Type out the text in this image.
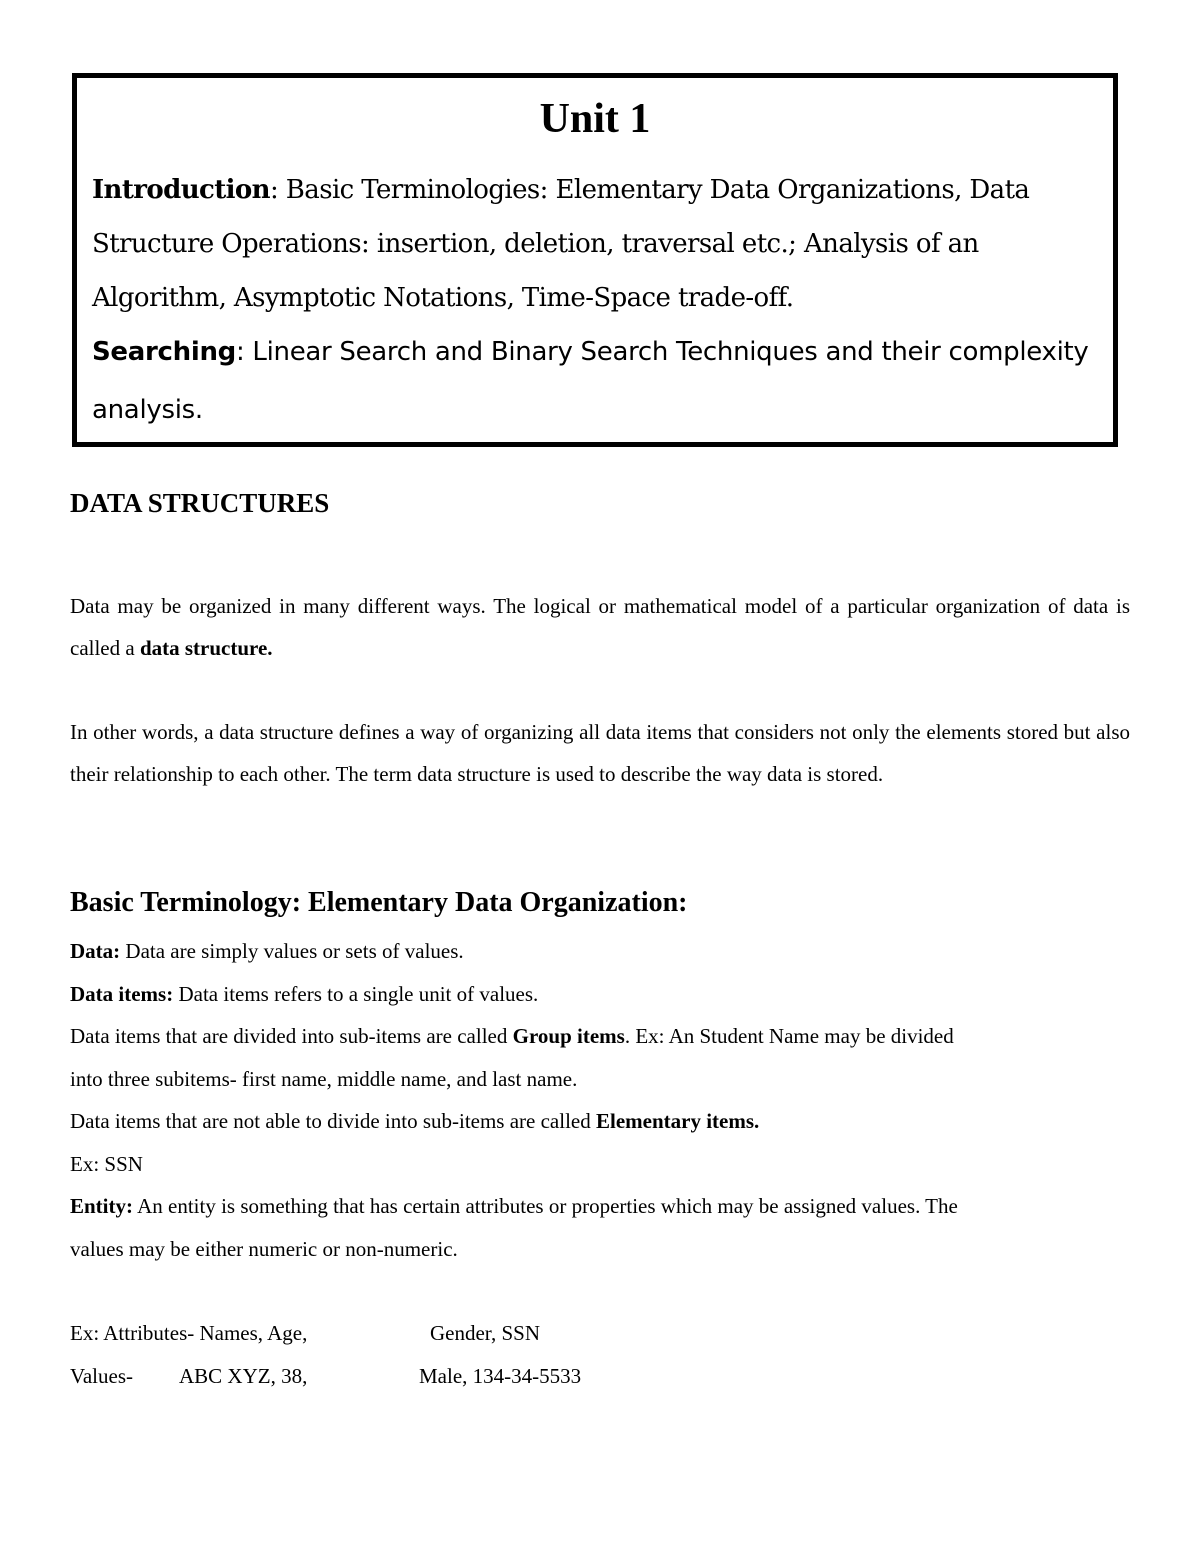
Unit 1
Introduction: Basic Terminologies: Elementary Data Organizations, Data
Structure Operations: insertion, deletion, traversal etc.; Analysis of an
Algorithm, Asymptotic Notations, Time-Space trade-off.
Searching: Linear Search and Binary Search Techniques and their complexity
analysis.
DATA STRUCTURES
Data may be organized in many different ways. The logical or mathematical model of a particular organization of data is called a data structure.
In other words, a data structure defines a way of organizing all data items that considers not only the elements stored but also their relationship to each other. The term data structure is used to describe the way data is stored.
Basic Terminology: Elementary Data Organization:
Data: Data are simply values or sets of values.
Data items: Data items refers to a single unit of values.
Data items that are divided into sub-items are called Group items. Ex: An Student Name may be divided
into three subitems- first name, middle name, and last name.
Data items that are not able to divide into sub-items are called Elementary items.
Ex: SSN
Entity: An entity is something that has certain attributes or properties which may be assigned values. The
values may be either numeric or non-numeric.
Ex: Attributes- Names, Age,	Gender, SSN
Values- ABC XYZ, 38,	Male, 134-34-5533
